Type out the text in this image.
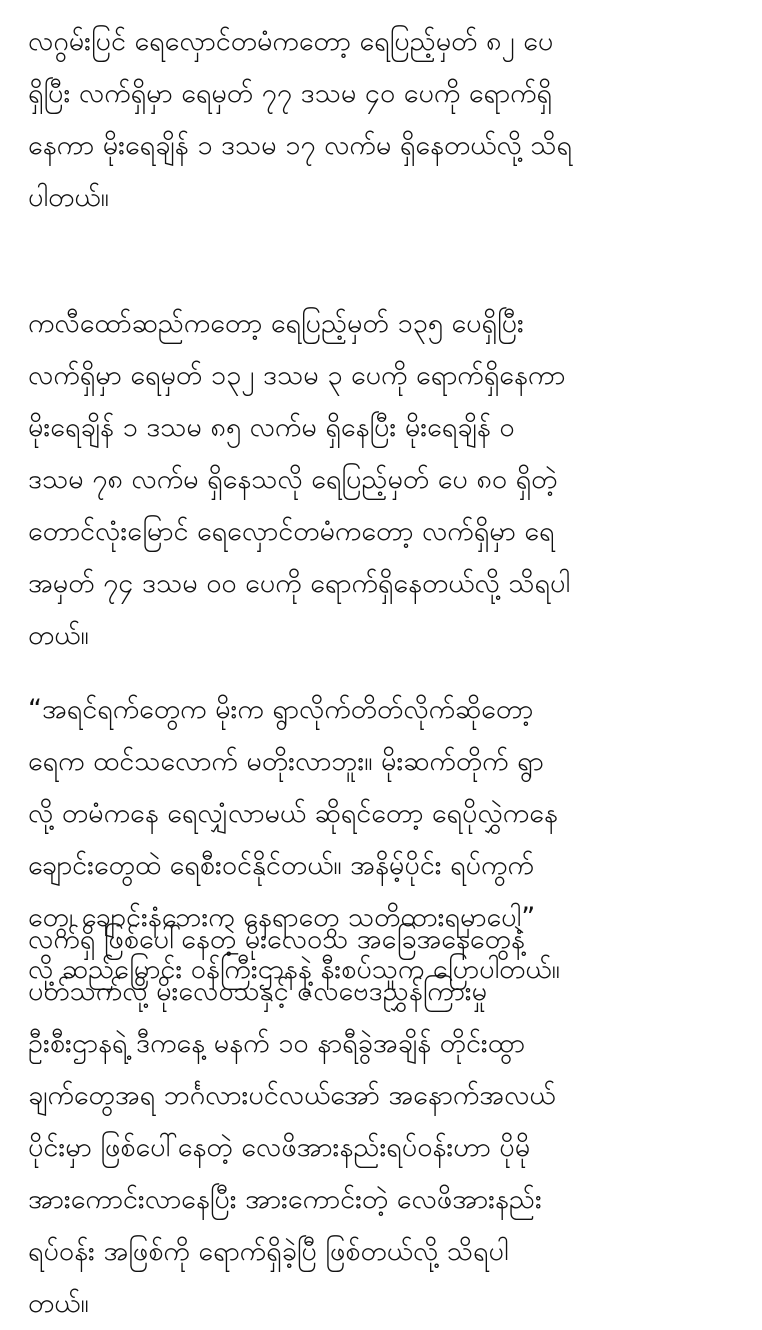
လဂွမ်းပြင် ရေလှောင်တမံကတော့ ရေပြည့်မှတ် ၈၂ ပေ
ရှိပြီး လက်ရှိမှာ ရေမှတ် ၇၇ ဒသမ ၄၀ ပေကို ရောက်ရှိ
နေကာ မိုးရေချိန် ၁ ဒသမ ၁၇ လက်မ ရှိနေတယ်လို့ သိရ
ပါတယ်။
ကလီထော်ဆည်ကတော့ ရေပြည့်မှတ် ၁၃၅ ပေရှိပြီး
လက်ရှိမှာ ရေမှတ် ၁၃၂ ဒသမ ၃ ပေကို ရောက်ရှိနေကာ
မိုးရေချိန် ၁ ဒသမ ၈၅ လက်မ ရှိနေပြီး မိုးရေချိန် ဝ
ဒသမ ၇၈ လက်မ ရှိနေသလို ရေပြည့်မှတ် ပေ ၈၀ ရှိတဲ့
တောင်လုံးမြောင် ရေလှောင်တမံကတော့ လက်ရှိမှာ ရေ
အမှတ် ၇၄ ဒသမ ဝဝ ပေကို ရောက်ရှိနေတယ်လို့ သိရပါ
တယ်။
“အရင်ရက်တွေက မိုးက ရွာလိုက်တိတ်လိုက်ဆိုတော့
ရေက ထင်သလောက် မတိုးလာဘူး။ မိုးဆက်တိုက် ရွာ
လို့ တမံကနေ ရေလျှံလာမယ် ဆိုရင်တော့ ရေပိုလွှဲကနေ
ချောင်းတွေထဲ ရေစီးဝင်နိုင်တယ်။ အနိမ့်ပိုင်း ရပ်ကွက်
တွေ၊ ချောင်းနံဘေးက နေရာတွေ သတိထားရမှာပေါ့”
လို့ ဆည်မြောင်း ဝန်ကြီးဌာနနဲ့ နီးစပ်သူက ပြောပါတယ်။
လက်ရှိ ဖြစ်ပေါ်နေတဲ့ မိုးလေဝသ အခြေအနေတွေနဲ့
ပတ်သက်လို့ မိုးလေဝသနှင့် ဇလဗေဒညွှန်ကြားမှု
ဦးစီးဌာနရဲ့ ဒီကနေ့ မနက် ၁၀ နာရီခွဲအချိန် တိုင်းထွာ
ချက်တွေအရ ဘင်္ဂလားပင်လယ်အော် အနောက်အလယ်
ပိုင်းမှာ ဖြစ်ပေါ်နေတဲ့ လေဖိအားနည်းရပ်ဝန်းဟာ ပိုမို
အားကောင်းလာနေပြီး အားကောင်းတဲ့ လေဖိအားနည်း
ရပ်ဝန်း အဖြစ်ကို ရောက်ရှိခဲ့ပြီ ဖြစ်တယ်လို့ သိရပါ
တယ်။
